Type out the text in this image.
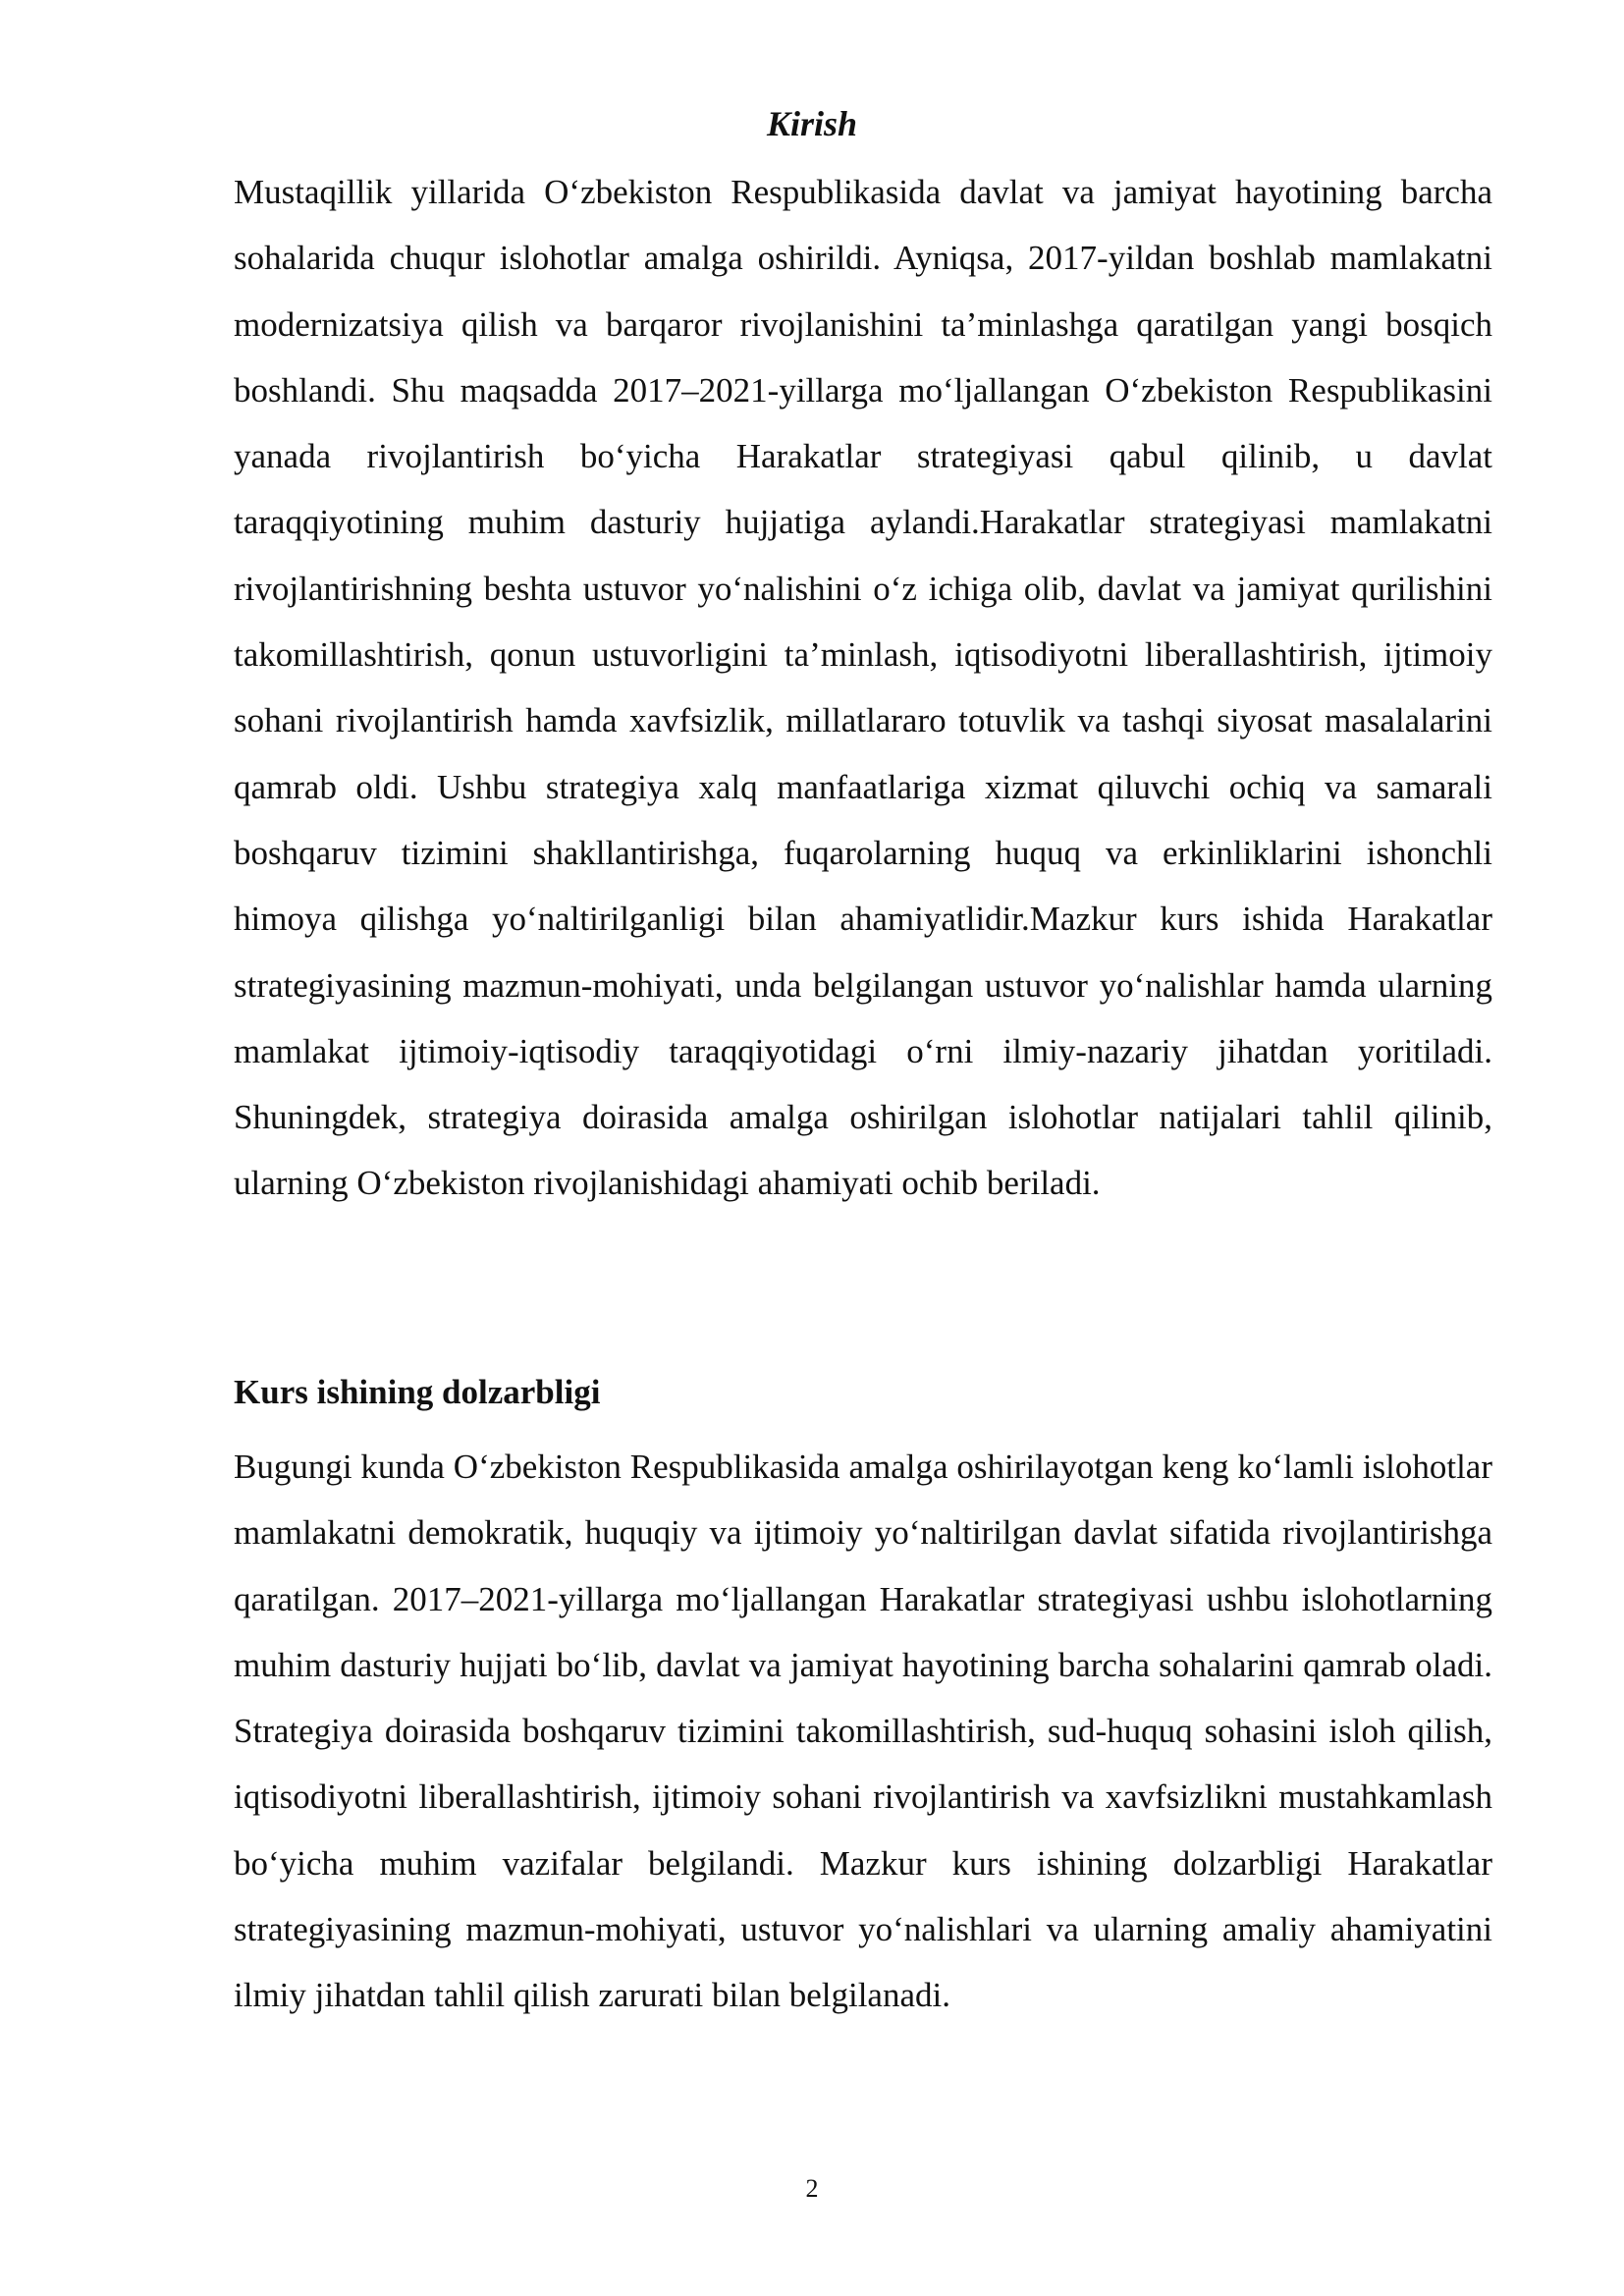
Kirish

Mustaqillik yillarida O‘zbekiston Respublikasida davlat va jamiyat hayotining barcha sohalarida chuqur islohotlar amalga oshirildi. Ayniqsa, 2017-yildan boshlab mamlakatni modernizatsiya qilish va barqaror rivojlanishini ta’minlashga qaratilgan yangi bosqich boshlandi. Shu maqsadda 2017–2021-yillarga mo‘ljallangan O‘zbekiston Respublikasini yanada rivojlantirish bo‘yicha Harakatlar strategiyasi qabul qilinib, u davlat taraqqiyotining muhim dasturiy hujjatiga aylandi.Harakatlar strategiyasi mamlakatni rivojlantirishning beshta ustuvor yo‘nalishini o‘z ichiga olib, davlat va jamiyat qurilishini takomillashtirish, qonun ustuvorligini ta’minlash, iqtisodiyotni liberallashtirish, ijtimoiy sohani rivojlantirish hamda xavfsizlik, millatlararo totuvlik va tashqi siyosat masalalarini qamrab oldi. Ushbu strategiya xalq manfaatlariga xizmat qiluvchi ochiq va samarali boshqaruv tizimini shakllantirishga, fuqarolarning huquq va erkinliklarini ishonchli himoya qilishga yo‘naltirilganligi bilan ahamiyatlidir.Mazkur kurs ishida Harakatlar strategiyasining mazmun-mohiyati, unda belgilangan ustuvor yo‘nalishlar hamda ularning mamlakat ijtimoiy-iqtisodiy taraqqiyotidagi o‘rni ilmiy-nazariy jihatdan yoritiladi. Shuningdek, strategiya doirasida amalga oshirilgan islohotlar natijalari tahlil qilinib, ularning O‘zbekiston rivojlanishidagi ahamiyati ochib beriladi.

Kurs ishining dolzarbligi

Bugungi kunda O‘zbekiston Respublikasida amalga oshirilayotgan keng ko‘lamli islohotlar mamlakatni demokratik, huquqiy va ijtimoiy yo‘naltirilgan davlat sifatida rivojlantirishga qaratilgan. 2017–2021-yillarga mo‘ljallangan Harakatlar strategiyasi ushbu islohotlarning muhim dasturiy hujjati bo‘lib, davlat va jamiyat hayotining barcha sohalarini qamrab oladi. Strategiya doirasida boshqaruv tizimini takomillashtirish, sud-huquq sohasini isloh qilish, iqtisodiyotni liberallashtirish, ijtimoiy sohani rivojlantirish va xavfsizlikni mustahkamlash bo‘yicha muhim vazifalar belgilandi. Mazkur kurs ishining dolzarbligi Harakatlar strategiyasining mazmun-mohiyati, ustuvor yo‘nalishlari va ularning amaliy ahamiyatini ilmiy jihatdan tahlil qilish zarurati bilan belgilanadi.

2
